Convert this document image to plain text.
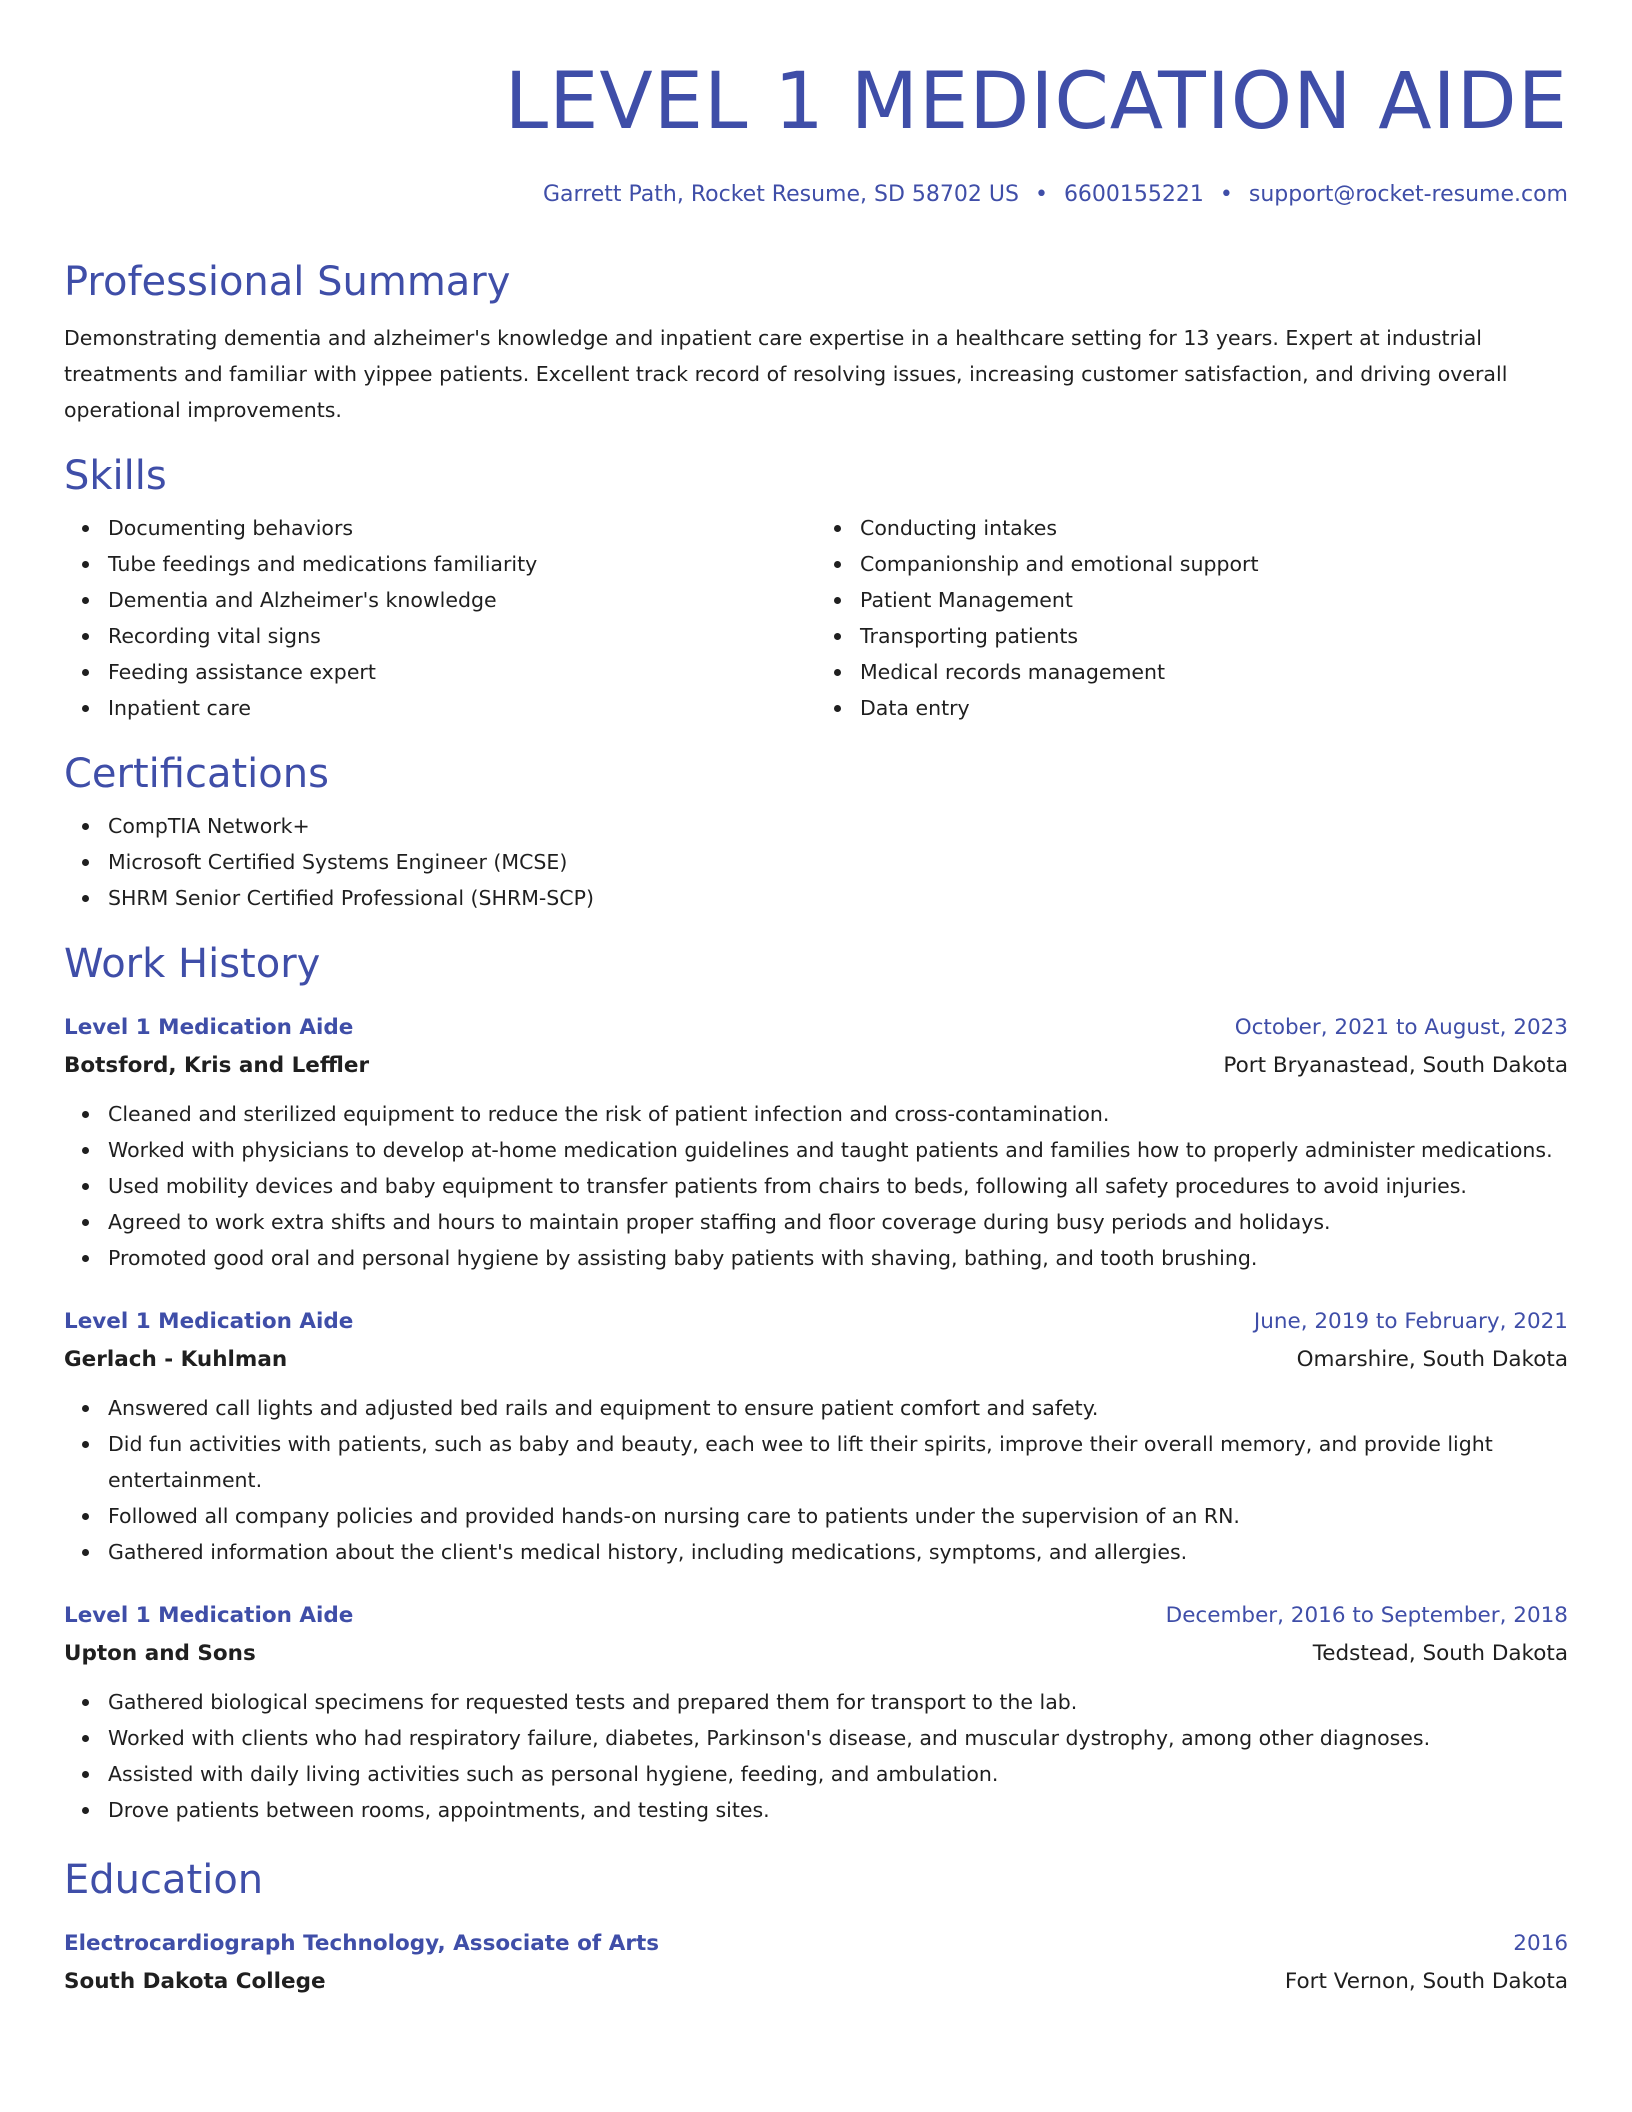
LEVEL 1 MEDICATION AIDE
Garrett Path, Rocket Resume, SD 58702 US • 6600155221 • support@rocket-resume.com
Professional Summary

Demonstrating dementia and alzheimer's knowledge and inpatient care expertise in a healthcare setting for 13 years. Expert at industrial treatments and familiar with yippee patients. Excellent track record of resolving issues, increasing customer satisfaction, and driving overall operational improvements.

Skills
Documenting behaviors
Tube feedings and medications familiarity
Dementia and Alzheimer's knowledge
Recording vital signs
Feeding assistance expert
Inpatient care
Conducting intakes
Companionship and emotional support
Patient Management
Transporting patients
Medical records management
Data entry
Certifications
CompTIA Network+
Microsoft Certified Systems Engineer (MCSE)
SHRM Senior Certified Professional (SHRM-SCP)
Work History
Level 1 Medication Aide	October, 2021 to August, 2023
Botsford, Kris and Leffler	Port Bryanastead, South Dakota
Cleaned and sterilized equipment to reduce the risk of patient infection and cross-contamination.
Worked with physicians to develop at-home medication guidelines and taught patients and families how to properly administer medications.
Used mobility devices and baby equipment to transfer patients from chairs to beds, following all safety procedures to avoid injuries.
Agreed to work extra shifts and hours to maintain proper staffing and floor coverage during busy periods and holidays.
Promoted good oral and personal hygiene by assisting baby patients with shaving, bathing, and tooth brushing.
Level 1 Medication Aide	June, 2019 to February, 2021
Gerlach - Kuhlman	Omarshire, South Dakota
Answered call lights and adjusted bed rails and equipment to ensure patient comfort and safety.
Did fun activities with patients, such as baby and beauty, each wee to lift their spirits, improve their overall memory, and provide light entertainment.
Followed all company policies and provided hands-on nursing care to patients under the supervision of an RN.
Gathered information about the client's medical history, including medications, symptoms, and allergies.
Level 1 Medication Aide	December, 2016 to September, 2018
Upton and Sons	Tedstead, South Dakota
Gathered biological specimens for requested tests and prepared them for transport to the lab.
Worked with clients who had respiratory failure, diabetes, Parkinson's disease, and muscular dystrophy, among other diagnoses.
Assisted with daily living activities such as personal hygiene, feeding, and ambulation.
Drove patients between rooms, appointments, and testing sites.
Education
Electrocardiograph Technology, Associate of Arts	2016
South Dakota College	Fort Vernon, South Dakota
